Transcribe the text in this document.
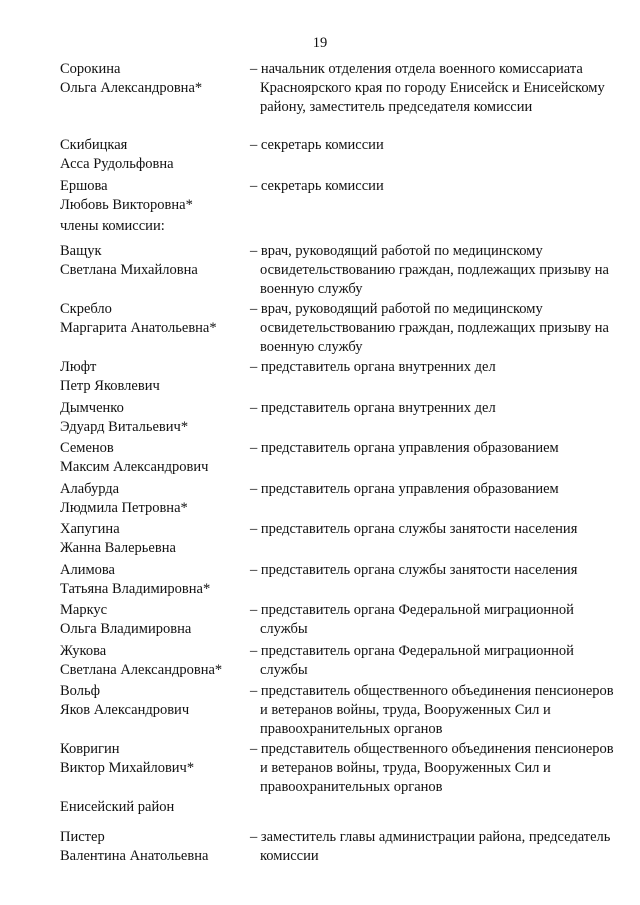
19
Сорокина
Ольга Александровна*
– начальник отделения отдела военного комиссариата Красноярского края по городу Енисейск и Енисейскому району, заместитель председателя комиссии
Скибицкая
Асса Рудольфовна
– секретарь комиссии
Ершова
Любовь Викторовна*
– секретарь комиссии
члены комиссии:
Ващук
Светлана Михайловна
– врач, руководящий работой по медицинскому освидетельствованию граждан, подлежащих призыву на военную службу
Скребло
Маргарита Анатольевна*
– врач, руководящий работой по медицинскому освидетельствованию граждан, подлежащих призыву на военную службу
Люфт
Петр Яковлевич
– представитель органа внутренних дел
Дымченко
Эдуард Витальевич*
– представитель органа внутренних дел
Семенов
Максим Александрович
– представитель органа управления образованием
Алабурда
Людмила Петровна*
– представитель органа управления образованием
Хапугина
Жанна Валерьевна
– представитель органа службы занятости населения
Алимова
Татьяна Владимировна*
– представитель органа службы занятости населения
Маркус
Ольга Владимировна
– представитель органа Федеральной миграционной службы
Жукова
Светлана Александровна*
– представитель органа Федеральной миграционной службы
Вольф
Яков Александрович
– представитель общественного объединения пенсионеров и ветеранов войны, труда, Вооруженных Сил и правоохранительных органов
Ковригин
Виктор Михайлович*
– представитель общественного объединения пенсионеров и ветеранов войны, труда, Вооруженных Сил и правоохранительных органов
Енисейский район
Пистер
Валентина Анатольевна
– заместитель главы администрации района, председатель комиссии
